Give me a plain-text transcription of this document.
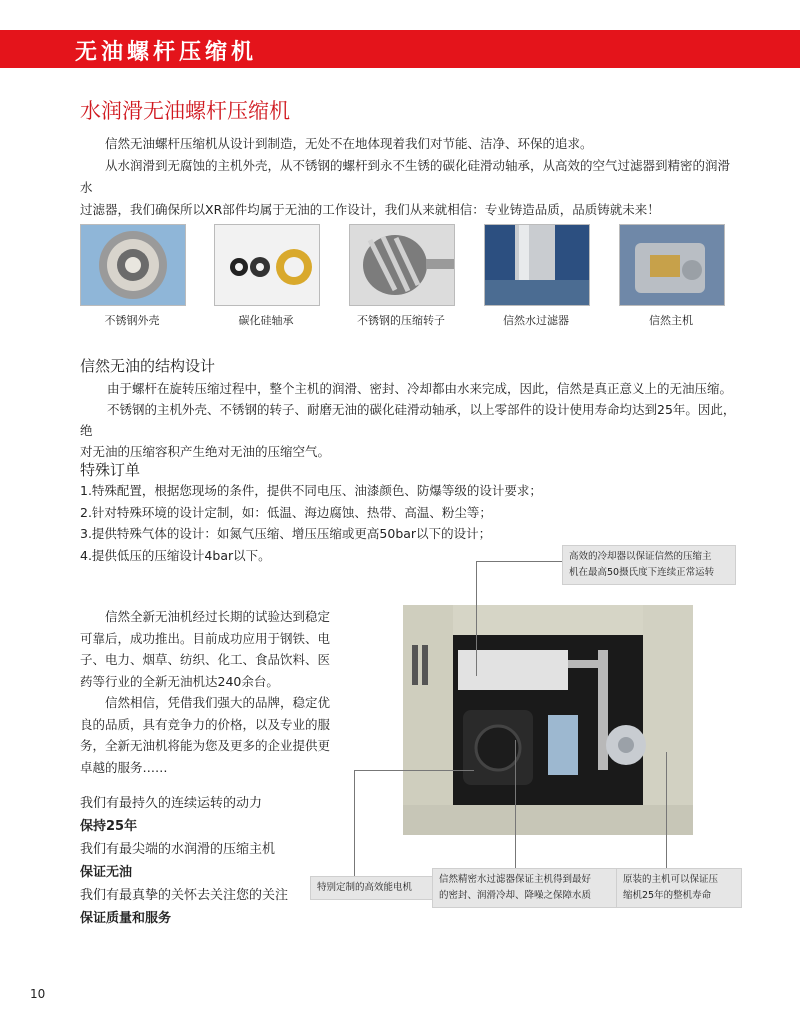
无油螺杆压缩机
水润滑无油螺杆压缩机

信然无油螺杆压缩机从设计到制造，无处不在地体现着我们对节能、洁净、环保的追求。

从水润滑到无腐蚀的主机外壳，从不锈钢的螺杆到永不生锈的碳化硅滑动轴承，从高效的空气过滤器到精密的润滑水

过滤器，我们确保所以XR部件均属于无油的工作设计，我们从来就相信：专业铸造品质，品质铸就未来！

不锈钢外壳	碳化硅轴承	不锈钢的压缩转子	信然水过滤器	信然主机
信然无油的结构设计

由于螺杆在旋转压缩过程中，整个主机的润滑、密封、冷却都由水来完成，因此，信然是真正意义上的无油压缩。

不锈钢的主机外壳、不锈钢的转子、耐磨无油的碳化硅滑动轴承，以上零部件的设计使用寿命均达到25年。因此，绝

对无油的压缩容积产生绝对无油的压缩空气。

特殊订单
1.特殊配置，根据您现场的条件，提供不同电压、油漆颜色、防爆等级的设计要求；
2.针对特殊环境的设计定制，如：低温、海边腐蚀、热带、高温、粉尘等；
3.提供特殊气体的设计：如氮气压缩、增压压缩或更高50bar以下的设计；
4.提供低压的压缩设计4bar以下。
信然全新无油机经过长期的试验达到稳定
可靠后，成功推出。目前成功应用于钢铁、电
子、电力、烟草、纺织、化工、食品饮料、医
药等行业的全新无油机达240余台。
信然相信，凭借我们强大的品牌，稳定优
良的品质，具有竞争力的价格，以及专业的服
务，全新无油机将能为您及更多的企业提供更
卓越的服务……
高效的冷却器以保证信然的压缩主
机在最高50摄氏度下连续正常运转
特别定制的高效能电机
信然精密水过滤器保证主机得到最好
的密封、润滑冷却、降噪之保障水质
原装的主机可以保证压
缩机25年的整机寿命
我们有最持久的连续运转的动力
保持25年
我们有最尖端的水润滑的压缩主机
保证无油
我们有最真挚的关怀去关注您的关注
保证质量和服务
10
